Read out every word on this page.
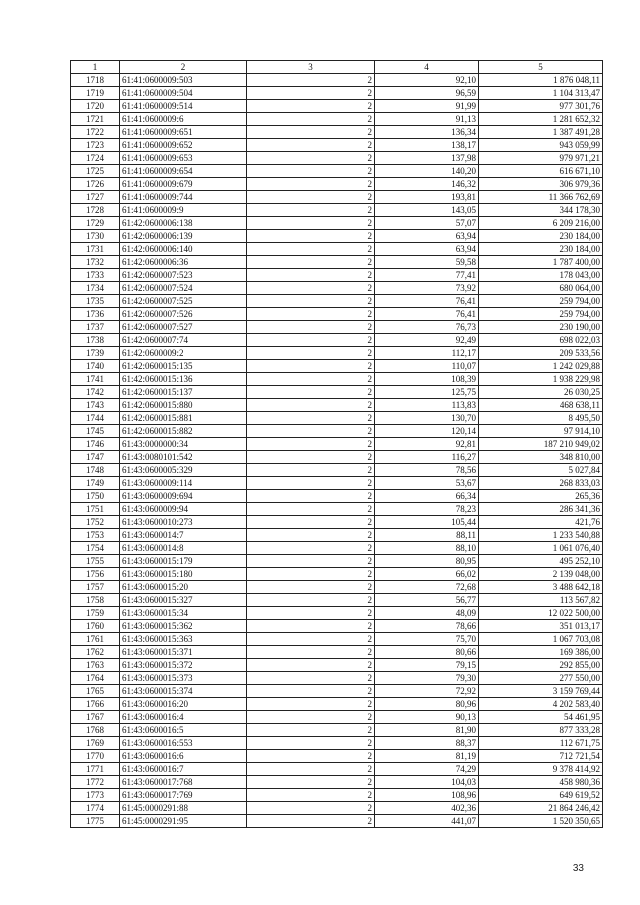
1	2	3	4	5
1718	61:41:0600009:503	2	92,10	1 876 048,11
1719	61:41:0600009:504	2	96,59	1 104 313,47
1720	61:41:0600009:514	2	91,99	977 301,76
1721	61:41:0600009:6	2	91,13	1 281 652,32
1722	61:41:0600009:651	2	136,34	1 387 491,28
1723	61:41:0600009:652	2	138,17	943 059,99
1724	61:41:0600009:653	2	137,98	979 971,21
1725	61:41:0600009:654	2	140,20	616 671,10
1726	61:41:0600009:679	2	146,32	306 979,36
1727	61:41:0600009:744	2	193,81	11 366 762,69
1728	61:41:0600009:9	2	143,05	344 178,30
1729	61:42:0600006:138	2	57,07	6 209 216,00
1730	61:42:0600006:139	2	63,94	230 184,00
1731	61:42:0600006:140	2	63,94	230 184,00
1732	61:42:0600006:36	2	59,58	1 787 400,00
1733	61:42:0600007:523	2	77,41	178 043,00
1734	61:42:0600007:524	2	73,92	680 064,00
1735	61:42:0600007:525	2	76,41	259 794,00
1736	61:42:0600007:526	2	76,41	259 794,00
1737	61:42:0600007:527	2	76,73	230 190,00
1738	61:42:0600007:74	2	92,49	698 022,03
1739	61:42:0600009:2	2	112,17	209 533,56
1740	61:42:0600015:135	2	110,07	1 242 029,88
1741	61:42:0600015:136	2	108,39	1 938 229,98
1742	61:42:0600015:137	2	125,75	26 030,25
1743	61:42:0600015:880	2	113,83	468 638,11
1744	61:42:0600015:881	2	130,70	8 495,50
1745	61:42:0600015:882	2	120,14	97 914,10
1746	61:43:0000000:34	2	92,81	187 210 949,02
1747	61:43:0080101:542	2	116,27	348 810,00
1748	61:43:0600005:329	2	78,56	5 027,84
1749	61:43:0600009:114	2	53,67	268 833,03
1750	61:43:0600009:694	2	66,34	265,36
1751	61:43:0600009:94	2	78,23	286 341,36
1752	61:43:0600010:273	2	105,44	421,76
1753	61:43:0600014:7	2	88,11	1 233 540,88
1754	61:43:0600014:8	2	88,10	1 061 076,40
1755	61:43:0600015:179	2	80,95	495 252,10
1756	61:43:0600015:180	2	66,02	2 139 048,00
1757	61:43:0600015:20	2	72,68	3 488 642,18
1758	61:43:0600015:327	2	56,77	113 567,82
1759	61:43:0600015:34	2	48,09	12 022 500,00
1760	61:43:0600015:362	2	78,66	351 013,17
1761	61:43:0600015:363	2	75,70	1 067 703,08
1762	61:43:0600015:371	2	80,66	169 386,00
1763	61:43:0600015:372	2	79,15	292 855,00
1764	61:43:0600015:373	2	79,30	277 550,00
1765	61:43:0600015:374	2	72,92	3 159 769,44
1766	61:43:0600016:20	2	80,96	4 202 583,40
1767	61:43:0600016:4	2	90,13	54 461,95
1768	61:43:0600016:5	2	81,90	877 333,28
1769	61:43:0600016:553	2	88,37	112 671,75
1770	61:43:0600016:6	2	81,19	712 721,54
1771	61:43:0600016:7	2	74,29	9 378 414,92
1772	61:43:0600017:768	2	104,03	458 980,36
1773	61:43:0600017:769	2	108,96	649 619,52
1774	61:45:0000291:88	2	402,36	21 864 246,42
1775	61:45:0000291:95	2	441,07	1 520 350,65
33
